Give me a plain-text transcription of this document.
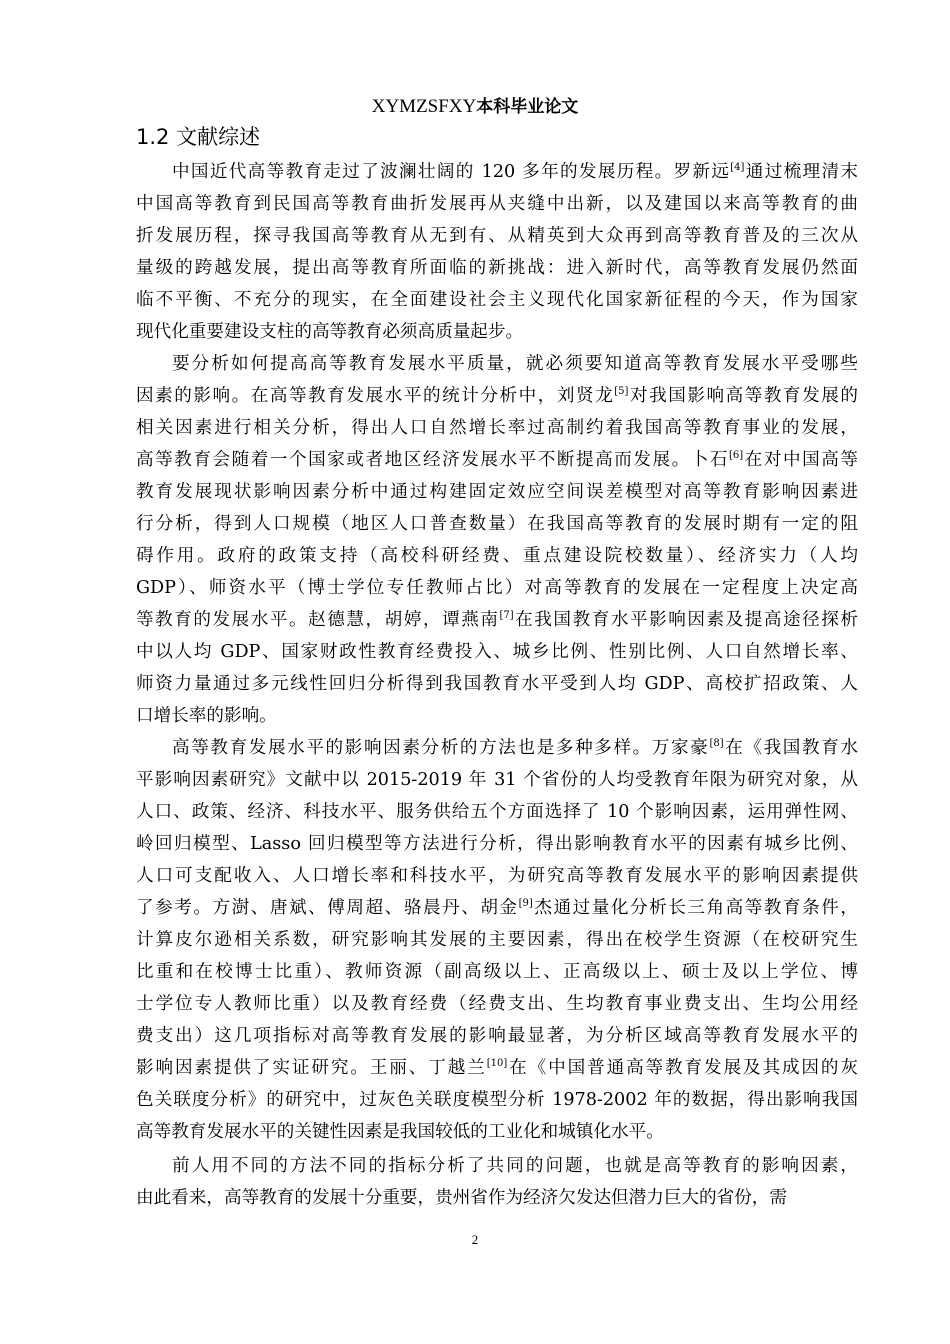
XYMZSFXY本科毕业论文
1.2 文献综述
中国近代高等教育走过了波澜壮阔的 120 多年的发展历程。罗新远[4]通过梳理清末
中国高等教育到民国高等教育曲折发展再从夹缝中出新，以及建国以来高等教育的曲
折发展历程，探寻我国高等教育从无到有、从精英到大众再到高等教育普及的三次从
量级的跨越发展，提出高等教育所面临的新挑战：进入新时代，高等教育发展仍然面
临不平衡、不充分的现实，在全面建设社会主义现代化国家新征程的今天，作为国家
现代化重要建设支柱的高等教育必须高质量起步。
要分析如何提高高等教育发展水平质量，就必须要知道高等教育发展水平受哪些
因素的影响。在高等教育发展水平的统计分析中，刘贤龙[5]对我国影响高等教育发展的
相关因素进行相关分析，得出人口自然增长率过高制约着我国高等教育事业的发展，
高等教育会随着一个国家或者地区经济发展水平不断提高而发展。卜石[6]在对中国高等
教育发展现状影响因素分析中通过构建固定效应空间误差模型对高等教育影响因素进
行分析，得到人口规模（地区人口普查数量）在我国高等教育的发展时期有一定的阻
碍作用。政府的政策支持（高校科研经费、重点建设院校数量）、经济实力（人均
GDP）、师资水平（博士学位专任教师占比）对高等教育的发展在一定程度上决定高
等教育的发展水平。赵德慧，胡婷，谭燕南[7]在我国教育水平影响因素及提高途径探析
中以人均 GDP、国家财政性教育经费投入、城乡比例、性别比例、人口自然增长率、
师资力量通过多元线性回归分析得到我国教育水平受到人均 GDP、高校扩招政策、人
口增长率的影响。
高等教育发展水平的影响因素分析的方法也是多种多样。万家豪[8]在《我国教育水
平影响因素研究》文献中以 2015-2019 年 31 个省份的人均受教育年限为研究对象，从
人口、政策、经济、科技水平、服务供给五个方面选择了 10 个影响因素，运用弹性网、
岭回归模型、Lasso 回归模型等方法进行分析，得出影响教育水平的因素有城乡比例、
人口可支配收入、人口增长率和科技水平，为研究高等教育发展水平的影响因素提供
了参考。方澍、唐斌、傅周超、骆晨丹、胡金[9]杰通过量化分析长三角高等教育条件，
计算皮尔逊相关系数，研究影响其发展的主要因素，得出在校学生资源（在校研究生
比重和在校博士比重）、教师资源（副高级以上、正高级以上、硕士及以上学位、博
士学位专人教师比重）以及教育经费（经费支出、生均教育事业费支出、生均公用经
费支出）这几项指标对高等教育发展的影响最显著，为分析区域高等教育发展水平的
影响因素提供了实证研究。王丽、丁越兰[10]在《中国普通高等教育发展及其成因的灰
色关联度分析》的研究中，过灰色关联度模型分析 1978-2002 年的数据，得出影响我国
高等教育发展水平的关键性因素是我国较低的工业化和城镇化水平。
前人用不同的方法不同的指标分析了共同的问题，也就是高等教育的影响因素，
由此看来，高等教育的发展十分重要，贵州省作为经济欠发达但潜力巨大的省份，需
2
